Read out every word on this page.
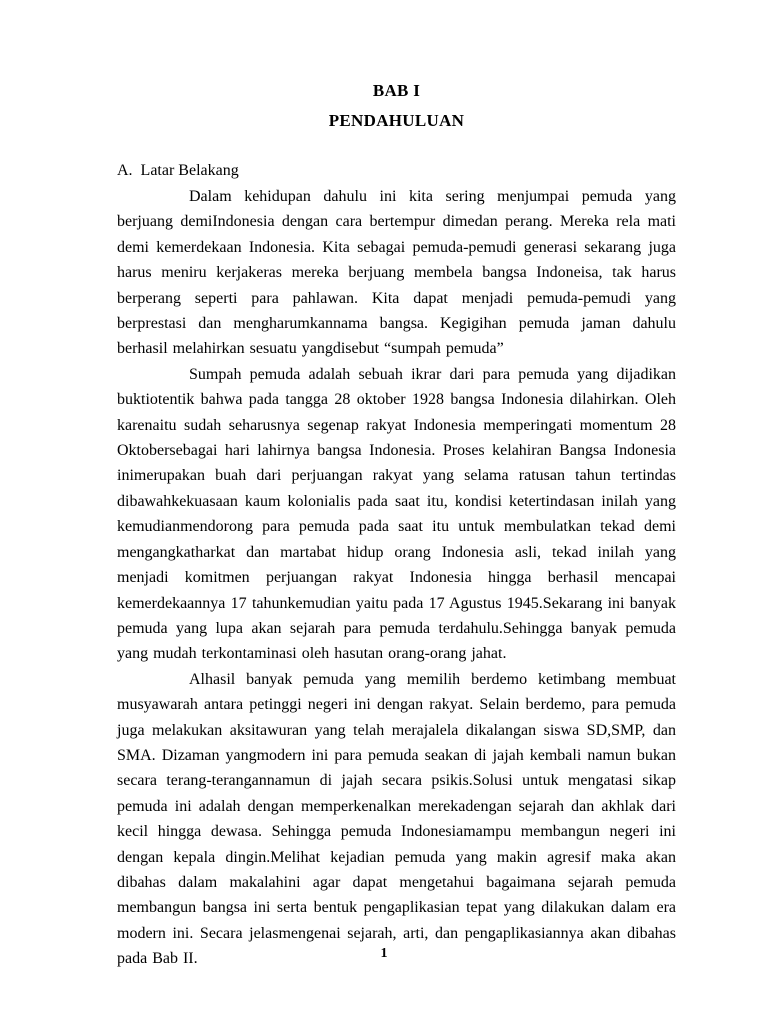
BAB I
PENDAHULUAN
A.  Latar Belakang

Dalam kehidupan dahulu ini kita sering menjumpai pemuda yang berjuang demiIndonesia dengan cara bertempur dimedan perang. Mereka rela mati demi kemerdekaan Indonesia. Kita sebagai pemuda-pemudi generasi sekarang juga harus meniru kerjakeras mereka berjuang membela bangsa Indoneisa, tak harus berperang seperti para pahlawan. Kita dapat menjadi pemuda-pemudi yang berprestasi dan mengharumkannama bangsa. Kegigihan pemuda jaman dahulu berhasil melahirkan sesuatu yangdisebut “sumpah pemuda”

Sumpah pemuda adalah sebuah ikrar dari para pemuda yang dijadikan buktiotentik bahwa pada tangga 28 oktober 1928 bangsa Indonesia dilahirkan. Oleh karenaitu sudah seharusnya segenap rakyat Indonesia memperingati momentum 28 Oktobersebagai hari lahirnya bangsa Indonesia. Proses kelahiran Bangsa Indonesia inimerupakan buah dari perjuangan rakyat yang selama ratusan tahun tertindas dibawahkekuasaan kaum kolonialis pada saat itu, kondisi ketertindasan inilah yang kemudianmendorong para pemuda pada saat itu untuk membulatkan tekad demi mengangkatharkat dan martabat hidup orang Indonesia asli, tekad inilah yang menjadi komitmen perjuangan rakyat Indonesia hingga berhasil mencapai kemerdekaannya 17 tahunkemudian yaitu pada 17 Agustus 1945.Sekarang ini banyak pemuda yang lupa akan sejarah para pemuda terdahulu.Sehingga banyak pemuda yang mudah terkontaminasi oleh hasutan orang-orang jahat.

Alhasil banyak pemuda yang memilih berdemo ketimbang membuat musyawarah antara petinggi negeri ini dengan rakyat. Selain berdemo, para pemuda juga melakukan aksitawuran yang telah merajalela dikalangan siswa SD,SMP, dan SMA. Dizaman yangmodern ini para pemuda seakan di jajah kembali namun bukan secara terang-terangannamun di jajah secara psikis.Solusi untuk mengatasi sikap pemuda ini adalah dengan memperkenalkan merekadengan sejarah dan akhlak dari kecil hingga dewasa. Sehingga pemuda Indonesiamampu membangun negeri ini dengan kepala dingin.Melihat kejadian pemuda yang makin agresif maka akan dibahas dalam makalahini agar dapat mengetahui bagaimana sejarah pemuda membangun bangsa ini serta bentuk pengaplikasian tepat yang dilakukan dalam era modern ini. Secara jelasmengenai sejarah, arti, dan pengaplikasiannya akan dibahas pada Bab II.	1
